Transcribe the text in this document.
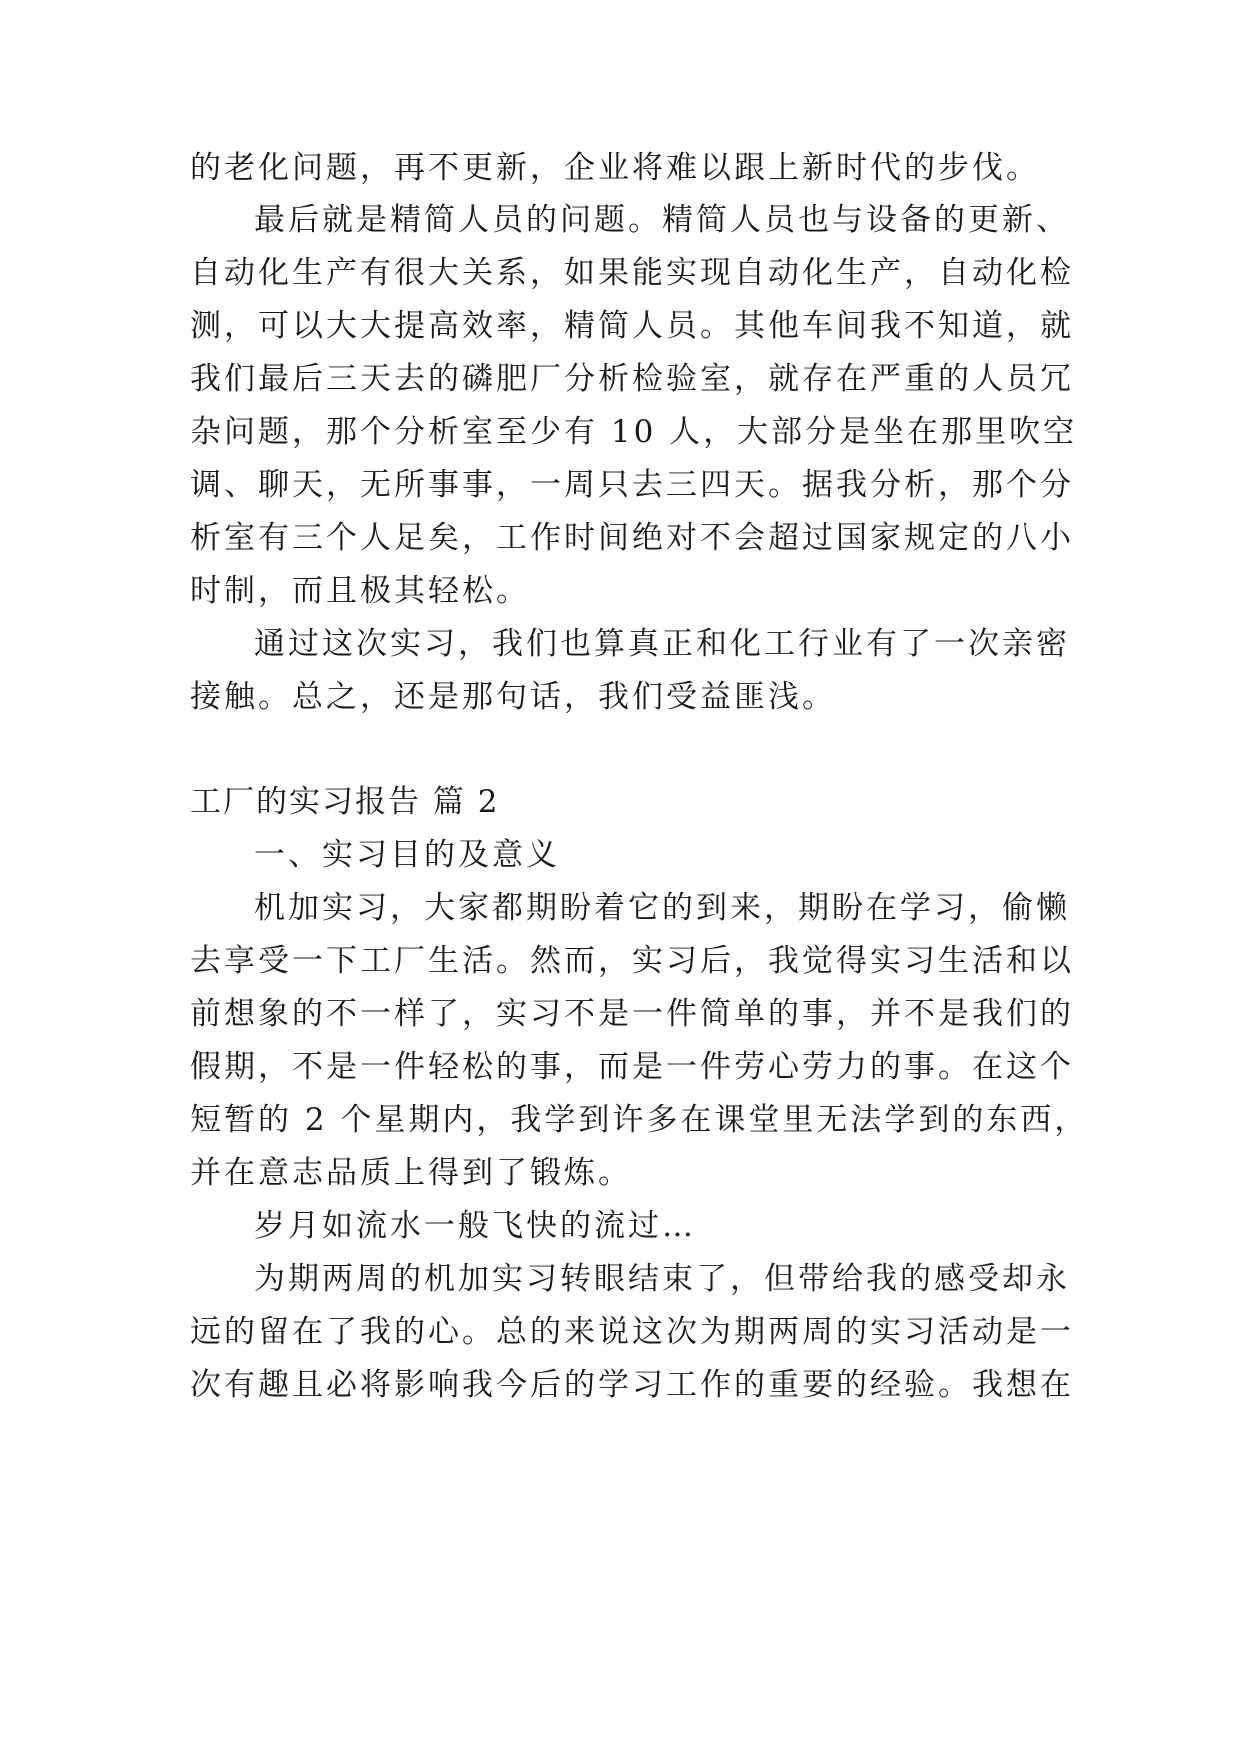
的老化问题，再不更新，企业将难以跟上新时代的步伐。

最后就是精简人员的问题。精简人员也与设备的更新、

自动化生产有很大关系，如果能实现自动化生产，自动化检

测，可以大大提高效率，精简人员。其他车间我不知道，就

我们最后三天去的磷肥厂分析检验室，就存在严重的人员冗

杂问题，那个分析室至少有 10 人，大部分是坐在那里吹空

调、聊天，无所事事，一周只去三四天。据我分析，那个分

析室有三个人足矣，工作时间绝对不会超过国家规定的八小

时制，而且极其轻松。

通过这次实习，我们也算真正和化工行业有了一次亲密

接触。总之，还是那句话，我们受益匪浅。

工厂的实习报告 篇 2

一、实习目的及意义

机加实习，大家都期盼着它的到来，期盼在学习，偷懒

去享受一下工厂生活。然而，实习后，我觉得实习生活和以

前想象的不一样了，实习不是一件简单的事，并不是我们的

假期，不是一件轻松的事，而是一件劳心劳力的事。在这个

短暂的 2 个星期内，我学到许多在课堂里无法学到的东西，

并在意志品质上得到了锻炼。

岁月如流水一般飞快的流过…

为期两周的机加实习转眼结束了，但带给我的感受却永

远的留在了我的心。总的来说这次为期两周的实习活动是一

次有趣且必将影响我今后的学习工作的重要的经验。我想在
